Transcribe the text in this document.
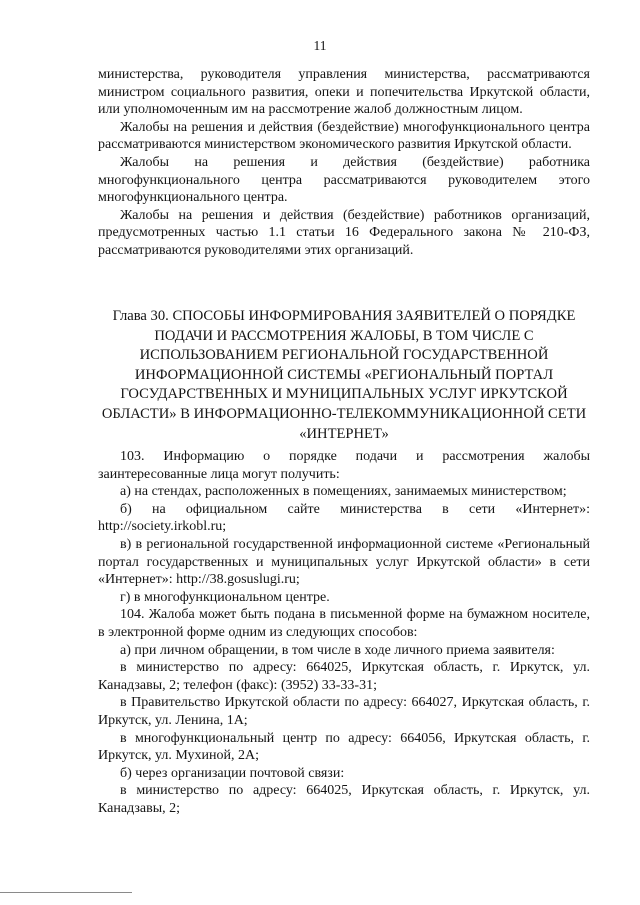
11

министерства, руководителя управления министерства, рассматриваются министром социального развития, опеки и попечительства Иркутской области, или уполномоченным им на рассмотрение жалоб должностным лицом.

Жалобы на решения и действия (бездействие) многофункционального центра рассматриваются министерством экономического развития Иркутской области.

Жалобы на решения и действия (бездействие) работника многофункционального центра рассматриваются руководителем этого многофункционального центра.

Жалобы на решения и действия (бездействие) работников организаций, предусмотренных частью 1.1 статьи 16 Федерального закона № 210-ФЗ, рассматриваются руководителями этих организаций.

Глава 30. СПОСОБЫ ИНФОРМИРОВАНИЯ ЗАЯВИТЕЛЕЙ О ПОРЯДКЕ ПОДАЧИ И РАССМОТРЕНИЯ ЖАЛОБЫ, В ТОМ ЧИСЛЕ С ИСПОЛЬЗОВАНИЕМ РЕГИОНАЛЬНОЙ ГОСУДАРСТВЕННОЙ ИНФОРМАЦИОННОЙ СИСТЕМЫ «РЕГИОНАЛЬНЫЙ ПОРТАЛ ГОСУДАРСТВЕННЫХ И МУНИЦИПАЛЬНЫХ УСЛУГ ИРКУТСКОЙ ОБЛАСТИ» В ИНФОРМАЦИОННО-ТЕЛЕКОММУНИКАЦИОННОЙ СЕТИ «ИНТЕРНЕТ»

103. Информацию о порядке подачи и рассмотрения жалобы заинтересованные лица могут получить:

а) на стендах, расположенных в помещениях, занимаемых министерством;

б) на официальном сайте министерства в сети «Интернет»: http://society.irkobl.ru;

в) в региональной государственной информационной системе «Региональный портал государственных и муниципальных услуг Иркутской области» в сети «Интернет»: http://38.gosuslugi.ru;

г) в многофункциональном центре.

104. Жалоба может быть подана в письменной форме на бумажном носителе, в электронной форме одним из следующих способов:

а) при личном обращении, в том числе в ходе личного приема заявителя:

в министерство по адресу: 664025, Иркутская область, г. Иркутск, ул. Канадзавы, 2; телефон (факс): (3952) 33-33-31;

в Правительство Иркутской области по адресу: 664027, Иркутская область, г. Иркутск, ул. Ленина, 1А;

в многофункциональный центр по адресу: 664056, Иркутская область, г. Иркутск, ул. Мухиной, 2А;

б) через организации почтовой связи:

в министерство по адресу: 664025, Иркутская область, г. Иркутск, ул. Канадзавы, 2;
